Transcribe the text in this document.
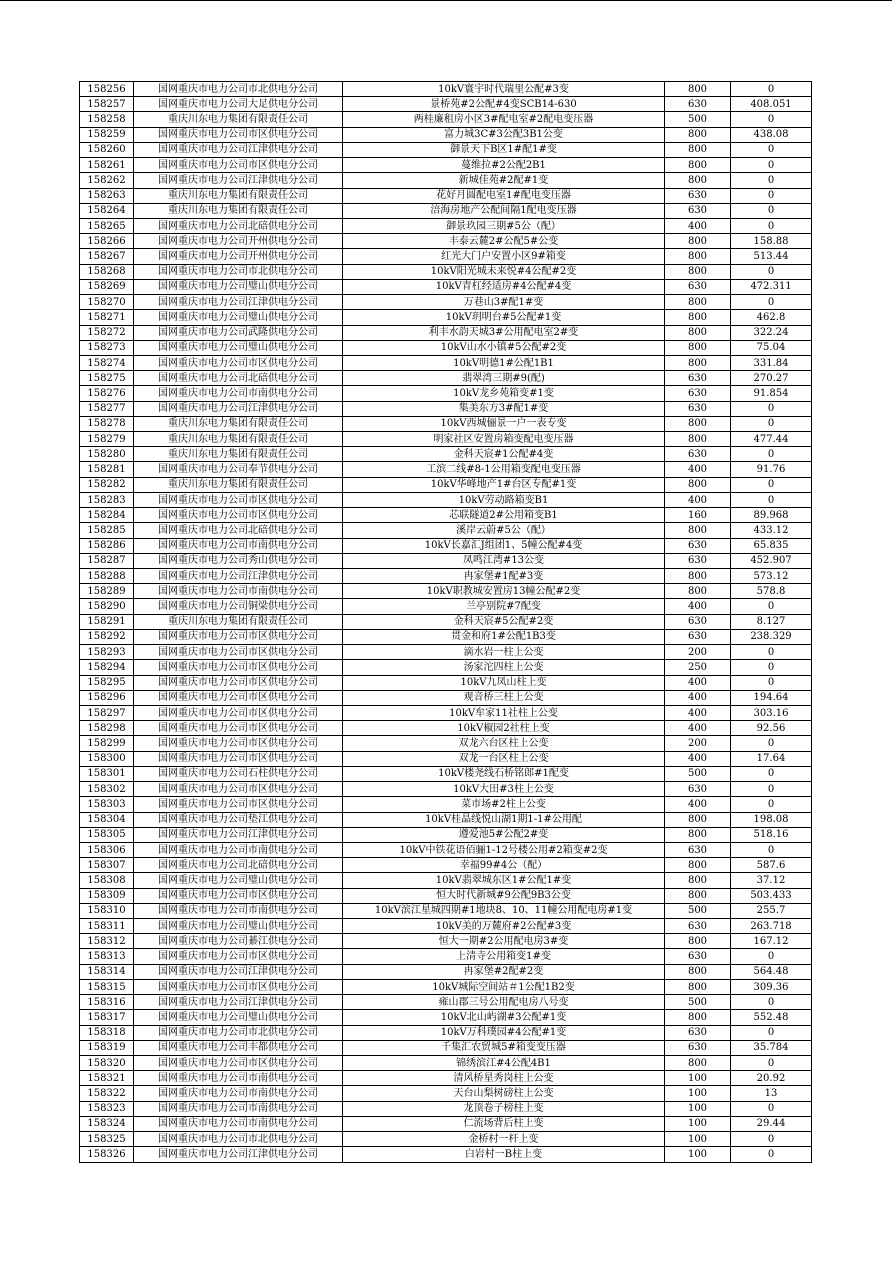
158256	国网重庆市电力公司市北供电分公司	10kV寰宇时代瑞里公配#3变	800	0
158257	国网重庆市电力公司大足供电分公司	景桥苑#2公配#4变SCB14-630	630	408.051
158258	重庆川东电力集团有限责任公司	两桂廉租房小区3#配电室#2配电变压器	500	0
158259	国网重庆市电力公司市区供电分公司	富力城3C#3公配3B1公变	800	438.08
158260	国网重庆市电力公司江津供电分公司	御景天下B区1#配1#变	800	0
158261	国网重庆市电力公司市区供电分公司	蔓维拉#2公配2B1	800	0
158262	国网重庆市电力公司江津供电分公司	新城佳苑#2配#1变	800	0
158263	重庆川东电力集团有限责任公司	花好月圆配电室1#配电变压器	630	0
158264	重庆川东电力集团有限责任公司	涪海房地产公配间隔1配电变压器	630	0
158265	国网重庆市电力公司北碚供电分公司	御景玖园三期#5公（配）	400	0
158266	国网重庆市电力公司开州供电分公司	丰泰云麓2#公配5#公变	800	158.88
158267	国网重庆市电力公司开州供电分公司	红光大门户安置小区9#箱变	800	513.44
158268	国网重庆市电力公司市北供电分公司	10kV阳光城未来悦#4公配#2变	800	0
158269	国网重庆市电力公司璧山供电分公司	10kV青杠经适房#4公配#4变	630	472.311
158270	国网重庆市电力公司江津供电分公司	万巷山3#配1#变	800	0
158271	国网重庆市电力公司璧山供电分公司	10kV玥明台#5公配#1变	800	462.8
158272	国网重庆市电力公司武隆供电分公司	利丰水韵天城3#公用配电室2#变	800	322.24
158273	国网重庆市电力公司璧山供电分公司	10kV山水小镇#5公配#2变	800	75.04
158274	国网重庆市电力公司市区供电分公司	10kV明德1#公配1B1	800	331.84
158275	国网重庆市电力公司北碚供电分公司	翡翠湾三期#9(配)	630	270.27
158276	国网重庆市电力公司市南供电分公司	10kV龙乡苑箱变#1变	630	91.854
158277	国网重庆市电力公司江津供电分公司	集美东方3#配1#变	630	0
158278	重庆川东电力集团有限责任公司	10kV西城俪景一户一表专变	800	0
158279	重庆川东电力集团有限责任公司	明家社区安置房箱变配电变压器	800	477.44
158280	重庆川东电力集团有限责任公司	金科天宸#1公配#4变	630	0
158281	国网重庆市电力公司奉节供电分公司	工滨二线#8-1公用箱变配电变压器	400	91.76
158282	重庆川东电力集团有限责任公司	10kV华峰地产1#台区专配#1变	800	0
158283	国网重庆市电力公司市区供电分公司	10kV劳动路箱变B1	400	0
158284	国网重庆市电力公司市区供电分公司	芯联隧道2#公用箱变B1	160	89.968
158285	国网重庆市电力公司北碚供电分公司	溪岸云蔚#5公（配）	800	433.12
158286	国网重庆市电力公司市南供电分公司	10kV长嘉汇J组团1、5幢公配#4变	630	65.835
158287	国网重庆市电力公司秀山供电分公司	凤鸣江湾#13公变	630	452.907
158288	国网重庆市电力公司江津供电分公司	冉家堡#1配#3变	800	573.12
158289	国网重庆市电力公司市南供电分公司	10kV职教城安置房13幢公配#2变	800	578.8
158290	国网重庆市电力公司铜梁供电分公司	兰亭别院#7配变	400	0
158291	重庆川东电力集团有限责任公司	金科天宸#5公配#2变	630	8.127
158292	国网重庆市电力公司市区供电分公司	贯金和府1#公配1B3变	630	238.329
158293	国网重庆市电力公司市区供电分公司	滴水岩一柱上公变	200	0
158294	国网重庆市电力公司市区供电分公司	汤家沱四柱上公变	250	0
158295	国网重庆市电力公司市区供电分公司	10kV九凤山柱上变	400	0
158296	国网重庆市电力公司市区供电分公司	观音桥三柱上公变	400	194.64
158297	国网重庆市电力公司市区供电分公司	10kV牟家11社柱上公变	400	303.16
158298	国网重庆市电力公司市区供电分公司	10kV椒园2社柱上变	400	92.56
158299	国网重庆市电力公司市区供电分公司	双龙六台区柱上公变	200	0
158300	国网重庆市电力公司市区供电分公司	双龙一台区柱上公变	400	17.64
158301	国网重庆市电力公司石柱供电分公司	10kV楼尧线石桥铭郎#1配变	500	0
158302	国网重庆市电力公司市区供电分公司	10kV大田#3柱上公变	630	0
158303	国网重庆市电力公司市区供电分公司	菜市场#2柱上公变	400	0
158304	国网重庆市电力公司垫江供电分公司	10kV桂晶线悦山湖1期1-1#公用配	800	198.08
158305	国网重庆市电力公司江津供电分公司	遵爱池5#公配2#变	800	518.16
158306	国网重庆市电力公司市南供电分公司	10kV中铁花语佰骊1-12号楼公用#2箱变#2变	630	0
158307	国网重庆市电力公司北碚供电分公司	幸福99#4公（配）	800	587.6
158308	国网重庆市电力公司璧山供电分公司	10kV翡翠城东区1#公配1#变	800	37.12
158309	国网重庆市电力公司市区供电分公司	恒大时代新城#9公配9B3公变	800	503.433
158310	国网重庆市电力公司市南供电分公司	10kV滨江星城四期#1地块8、10、11幢公用配电房#1变	500	255.7
158311	国网重庆市电力公司璧山供电分公司	10kV美的万麓府#2公配#3变	630	263.718
158312	国网重庆市电力公司綦江供电分公司	恒大一期#2公用配电房3#变	800	167.12
158313	国网重庆市电力公司市区供电分公司	上清寺公用箱变1#变	630	0
158314	国网重庆市电力公司江津供电分公司	冉家堡#2配#2变	800	564.48
158315	国网重庆市电力公司市区供电分公司	10kV城际空间站＃1公配1B2变	800	309.36
158316	国网重庆市电力公司江津供电分公司	雍山郡三号公用配电房八号变	500	0
158317	国网重庆市电力公司璧山供电分公司	10kV北山屿湖#3公配#1变	800	552.48
158318	国网重庆市电力公司市北供电分公司	10kV万科璞园#4公配#1变	630	0
158319	国网重庆市电力公司丰都供电分公司	千集汇农贸城5#箱变变压器	630	35.784
158320	国网重庆市电力公司市区供电分公司	锦绣滨江#4公配4B1	800	0
158321	国网重庆市电力公司市南供电分公司	清风桥星秀岗柱上公变	100	20.92
158322	国网重庆市电力公司市南供电分公司	天台山梨树磅柱上公变	100	13
158323	国网重庆市电力公司市南供电分公司	龙顶卷子榜柱上变	100	0
158324	国网重庆市电力公司市南供电分公司	仁流场背后柱上变	100	29.44
158325	国网重庆市电力公司市北供电分公司	金桥村一杆上变	100	0
158326	国网重庆市电力公司江津供电分公司	白岩村一B柱上变	100	0
